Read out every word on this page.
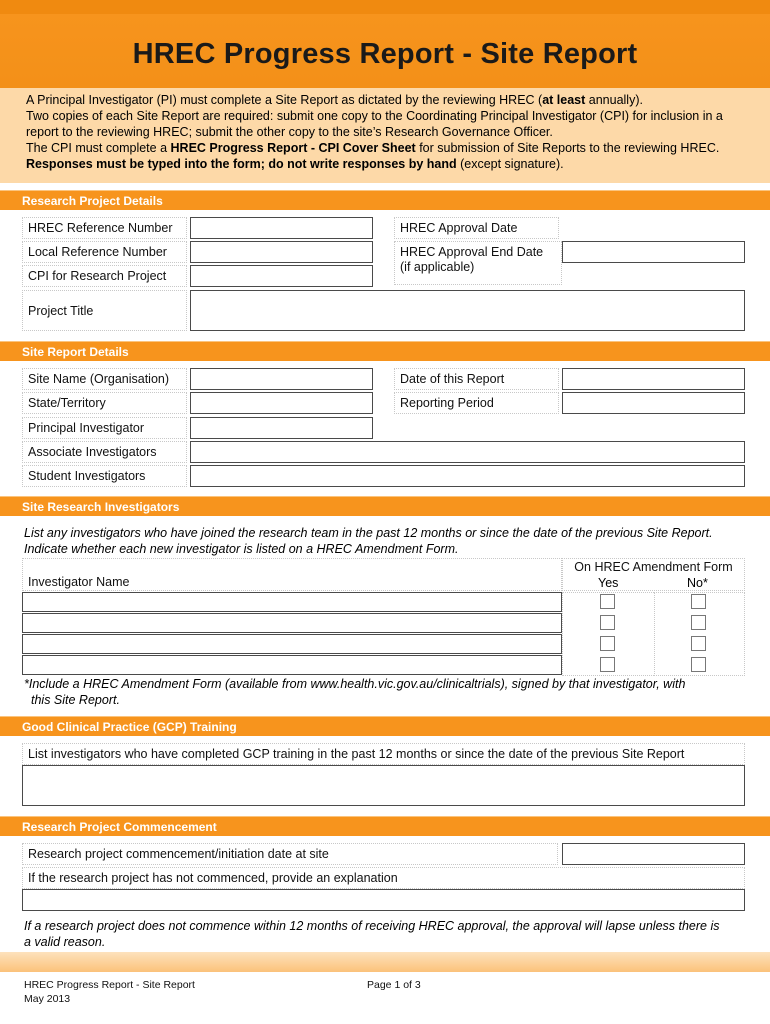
HREC Progress Report - Site Report

A Principal Investigator (PI) must complete a Site Report as dictated by the reviewing HREC (at least annually).

Two copies of each Site Report are required: submit one copy to the Coordinating Principal Investigator (CPI) for inclusion in a report to the reviewing HREC; submit the other copy to the site’s Research Governance Officer.

The CPI must complete a HREC Progress Report - CPI Cover Sheet for submission of Site Reports to the reviewing HREC.

Responses must be typed into the form; do not write responses by hand (except signature).

Research Project Details
HREC Reference Number	HREC Approval Date
Local Reference Number	HREC Approval End Date
(if applicable)
CPI for Research Project
Project Title
Site Report Details
Site Name (Organisation)	Date of this Report
State/Territory	Reporting Period
Principal Investigator
Associate Investigators
Student Investigators
Site Research Investigators
List any investigators who have joined the research team in the past 12 months or since the date of the previous Site Report.
Indicate whether each new investigator is listed on a HREC Amendment Form.
Investigator Name
On HREC Amendment Form
Yes	No*
*Include a HREC Amendment Form (available from www.health.vic.gov.au/clinicaltrials), signed by that investigator, with
this Site Report.
Good Clinical Practice (GCP) Training
List investigators who have completed GCP training in the past 12 months or since the date of the previous Site Report
Research Project Commencement
Research project commencement/initiation date at site
If the research project has not commenced, provide an explanation
If a research project does not commence within 12 months of receiving HREC approval, the approval will lapse unless there is
a valid reason.
HREC Progress Report - Site Report
May 2013
Page 1 of 3
